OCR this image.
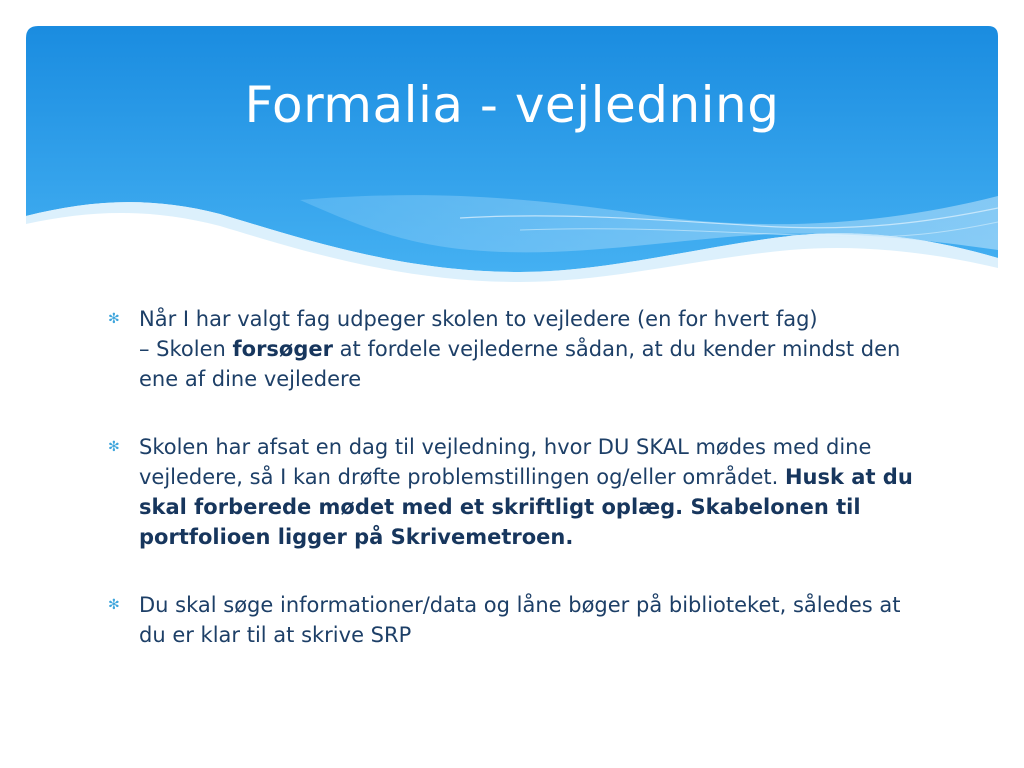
Formalia - vejledning
✻ Når I har valgt fag udpeger skolen to vejledere (en for hvert fag)
– Skolen forsøger at fordele vejlederne sådan, at du kender mindst den ene af dine vejledere
✻ Skolen har afsat en dag til vejledning, hvor DU SKAL mødes med dine vejledere, så I kan drøfte problemstillingen og/eller området. Husk at du skal forberede mødet med et skriftligt oplæg. Skabelonen til portfolioen ligger på Skrivemetroen.
✻ Du skal søge informationer/data og låne bøger på biblioteket, således at du er klar til at skrive SRP
